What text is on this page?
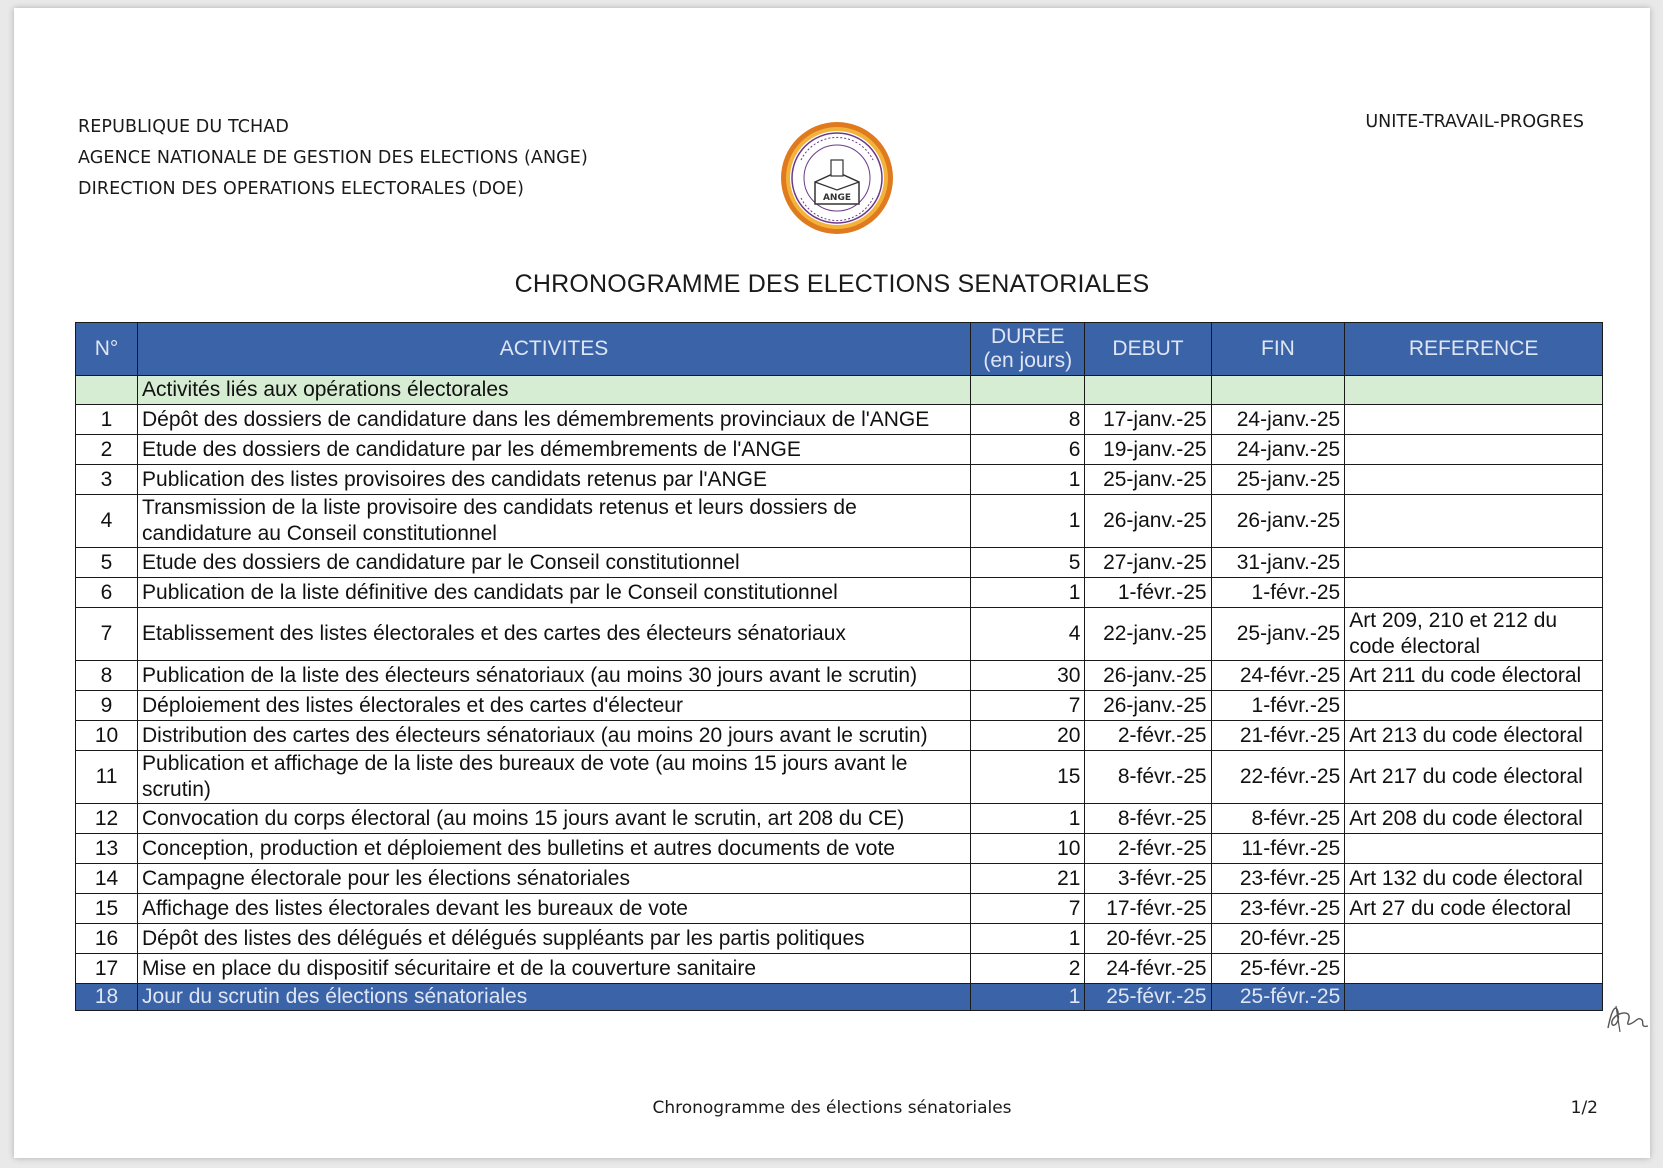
REPUBLIQUE DU TCHAD
AGENCE NATIONALE DE GESTION DES ELECTIONS (ANGE)
DIRECTION DES OPERATIONS ELECTORALES (DOE)
UNITE-TRAVAIL-PROGRES
ANGE
CHRONOGRAMME DES ELECTIONS SENATORIALES
N°	ACTIVITES	DUREE
(en jours)	DEBUT	FIN	REFERENCE
	Activités liés aux opérations électorales				
1	Dépôt des dossiers de candidature dans les démembrements provinciaux de l'ANGE	8	17-janv.-25	24-janv.-25	
2	Etude des dossiers de candidature par les démembrements de l'ANGE	6	19-janv.-25	24-janv.-25	
3	Publication des listes provisoires des candidats retenus par l'ANGE	1	25-janv.-25	25-janv.-25	
4	Transmission de la liste provisoire des candidats retenus et leurs dossiers de candidature au Conseil constitutionnel	1	26-janv.-25	26-janv.-25	
5	Etude des dossiers de candidature par le Conseil constitutionnel	5	27-janv.-25	31-janv.-25	
6	Publication de la liste définitive des candidats par le Conseil constitutionnel	1	1-févr.-25	1-févr.-25	
7	Etablissement des listes électorales et des cartes des électeurs sénatoriaux	4	22-janv.-25	25-janv.-25	Art 209, 210 et 212 du code électoral
8	Publication de la liste des électeurs sénatoriaux (au moins 30 jours avant le scrutin)	30	26-janv.-25	24-févr.-25	Art 211 du code électoral
9	Déploiement des listes électorales et des cartes d'électeur	7	26-janv.-25	1-févr.-25	
10	Distribution des cartes des électeurs sénatoriaux (au moins 20 jours avant le scrutin)	20	2-févr.-25	21-févr.-25	Art 213 du code électoral
11	Publication et affichage de la liste des bureaux de vote (au moins 15 jours avant le scrutin)	15	8-févr.-25	22-févr.-25	Art 217 du code électoral
12	Convocation du corps électoral (au moins 15 jours avant le scrutin, art 208 du CE)	1	8-févr.-25	8-févr.-25	Art 208 du code électoral
13	Conception, production et déploiement des bulletins et autres documents de vote	10	2-févr.-25	11-févr.-25	
14	Campagne électorale pour les élections sénatoriales	21	3-févr.-25	23-févr.-25	Art 132 du code électoral
15	Affichage des listes électorales devant les bureaux de vote	7	17-févr.-25	23-févr.-25	Art 27 du code électoral
16	Dépôt des listes des délégués et délégués suppléants par les partis politiques	1	20-févr.-25	20-févr.-25	
17	Mise en place du dispositif sécuritaire et de la couverture sanitaire	2	24-févr.-25	25-févr.-25	
18	Jour du scrutin des élections sénatoriales	1	25-févr.-25	25-févr.-25	
Chronogramme des élections sénatoriales	1/2
